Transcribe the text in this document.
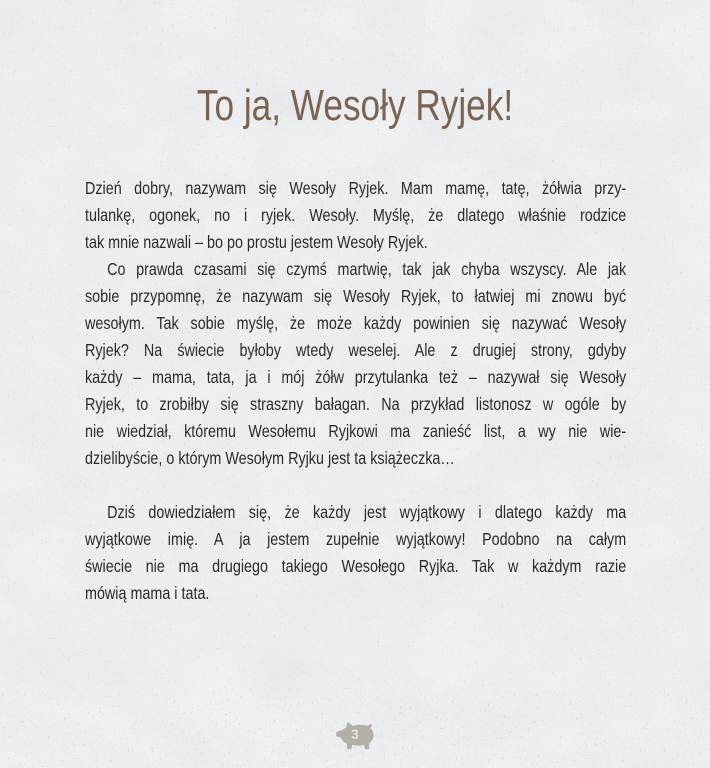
To ja, Wesoły Ryjek!
Dzień dobry, nazywam się Wesoły Ryjek. Mam mamę, tatę, żółwia przy-
tulankę, ogonek, no i ryjek. Wesoły. Myślę, że dlatego właśnie rodzice
tak mnie nazwali – bo po prostu jestem Wesoły Ryjek.
Co prawda czasami się czymś martwię, tak jak chyba wszyscy. Ale jak
sobie przypomnę, że nazywam się Wesoły Ryjek, to łatwiej mi znowu być
wesołym. Tak sobie myślę, że może każdy powinien się nazywać Wesoły
Ryjek? Na świecie byłoby wtedy weselej. Ale z drugiej strony, gdyby
każdy – mama, tata, ja i mój żółw przytulanka też – nazywał się Wesoły
Ryjek, to zrobiłby się straszny bałagan. Na przykład listonosz w ogóle by
nie wiedział, któremu Wesołemu Ryjkowi ma zanieść list, a wy nie wie-
dzielibyście, o którym Wesołym Ryjku jest ta książeczka…
Dziś dowiedziałem się, że każdy jest wyjątkowy i dlatego każdy ma
wyjątkowe imię. A ja jestem zupełnie wyjątkowy! Podobno na całym
świecie nie ma drugiego takiego Wesołego Ryjka. Tak w każdym razie
mówią mama i tata.
3
